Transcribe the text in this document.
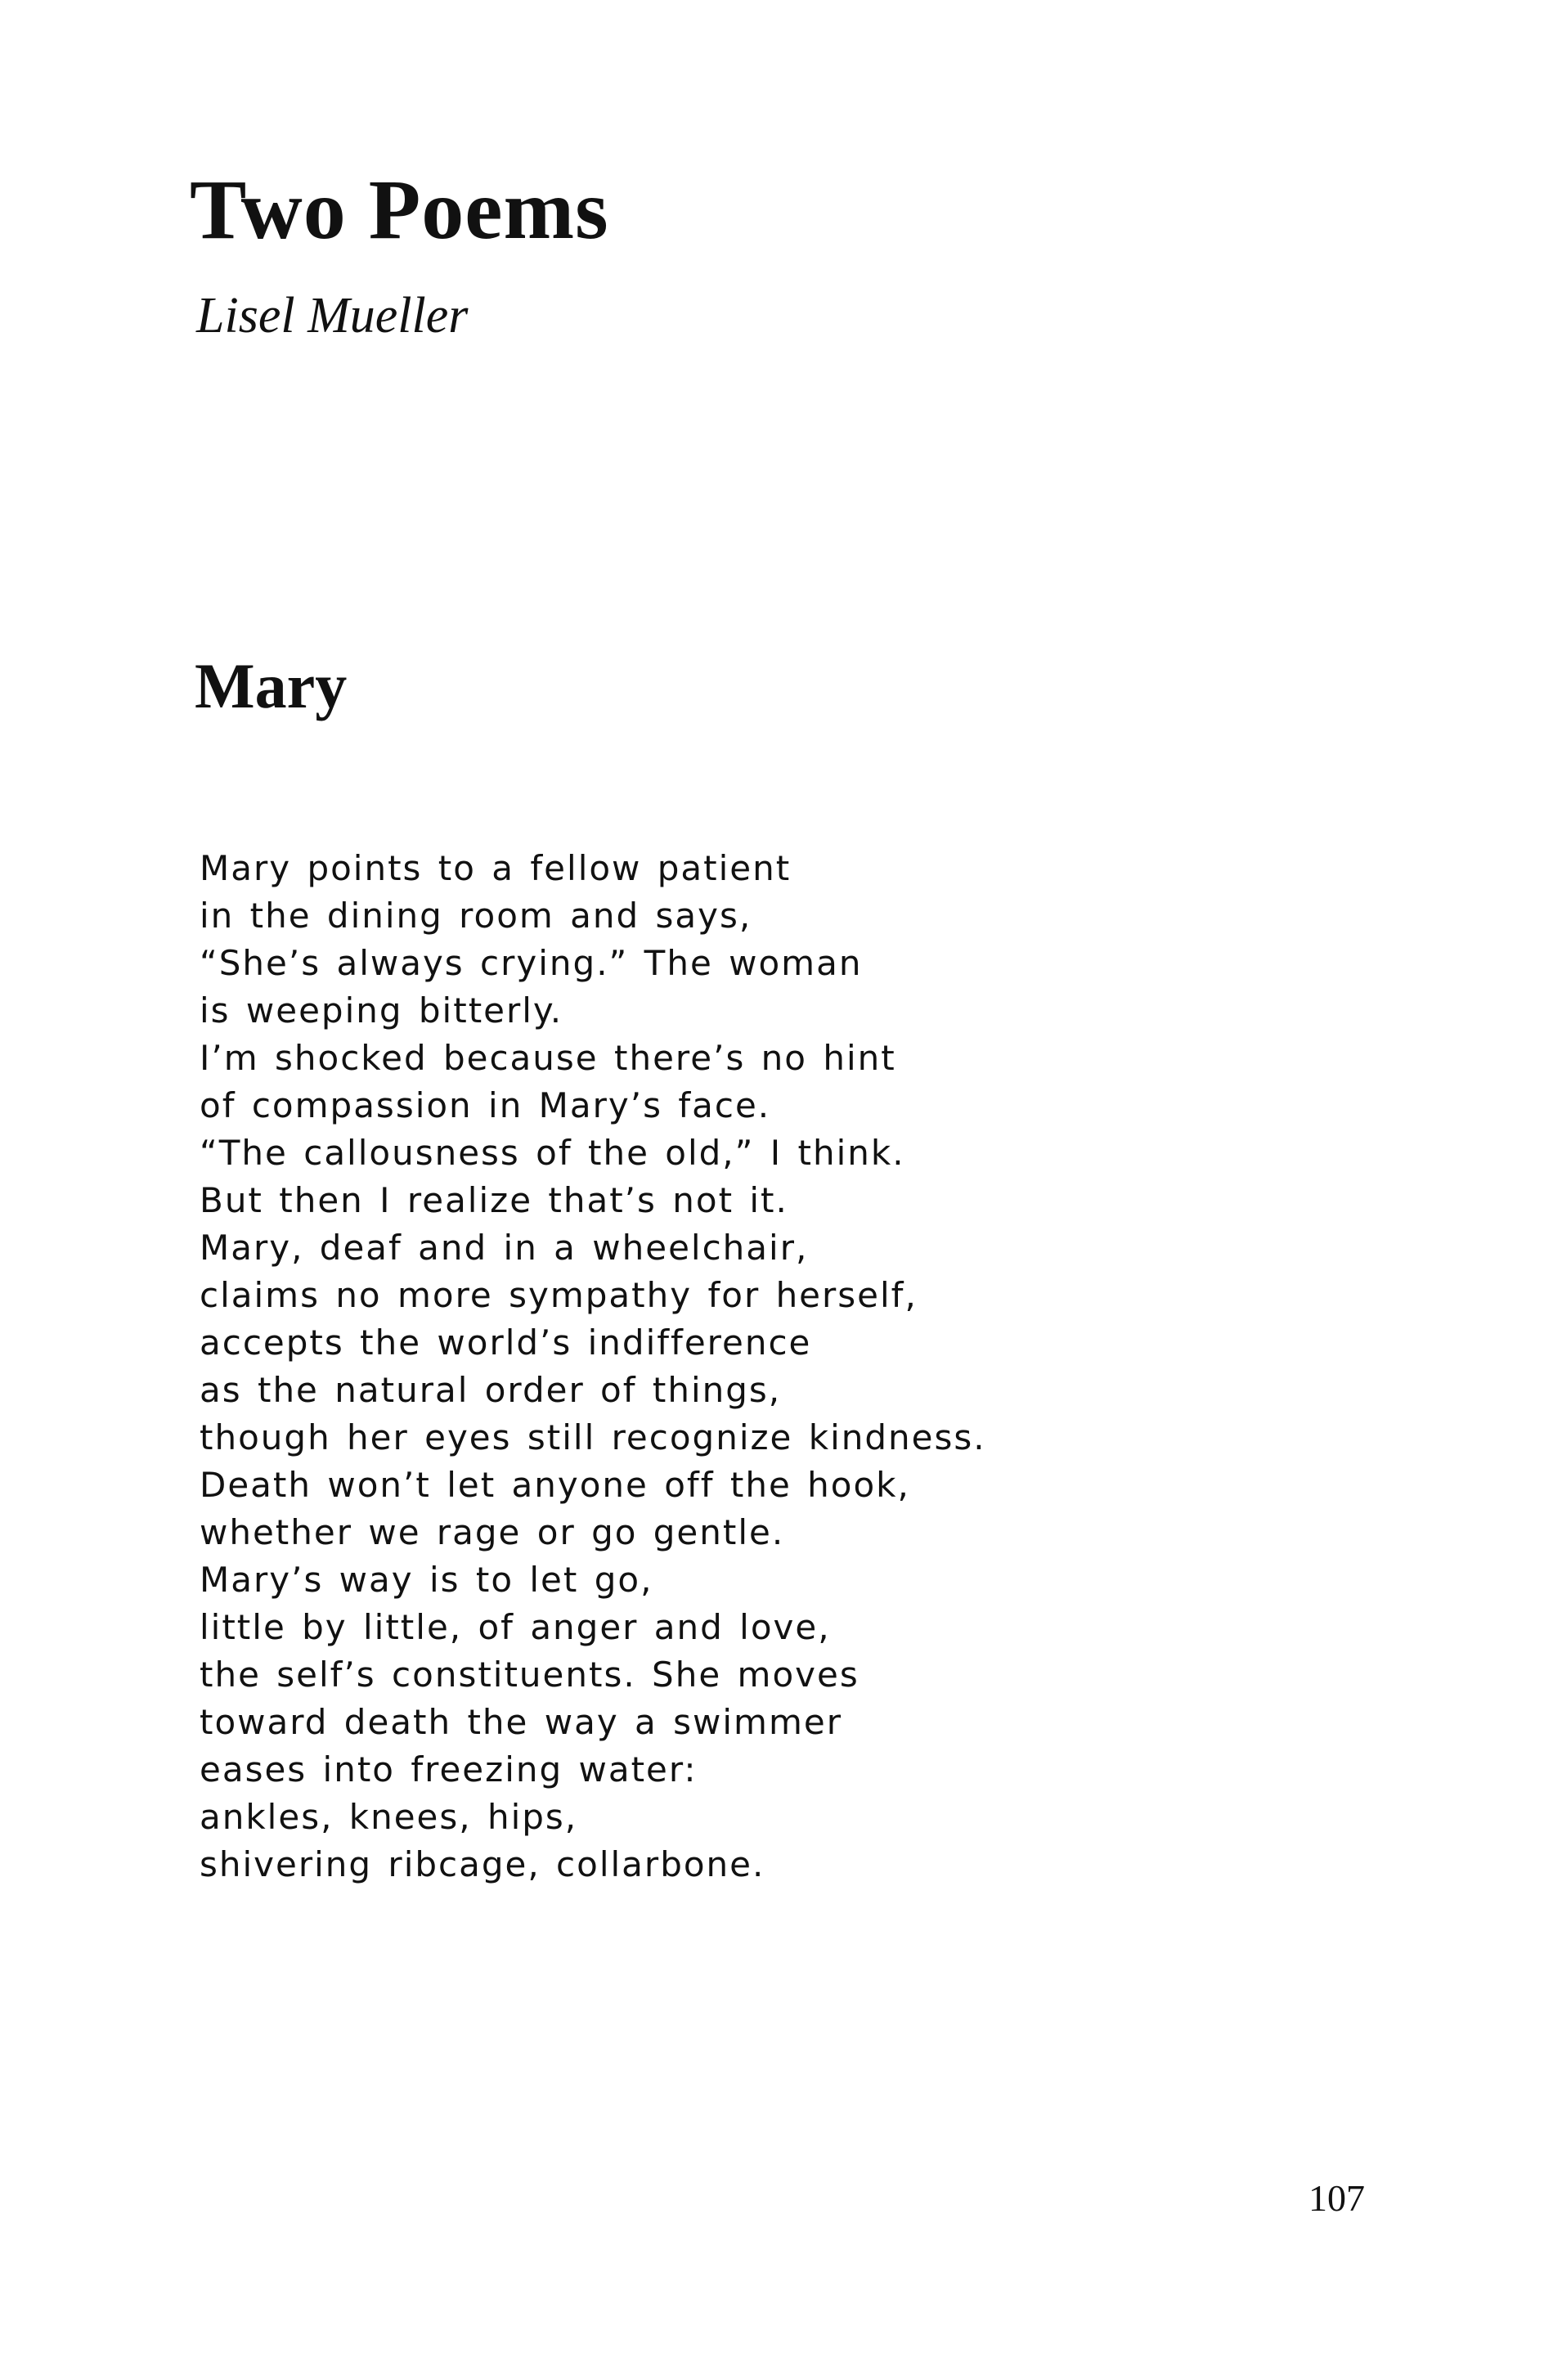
Two Poems

Lisel Mueller

Mary
Mary points to a fellow patient
in the dining room and says,
“She’s always crying.” The woman
is weeping bitterly.
I’m shocked because there’s no hint
of compassion in Mary’s face.
“The callousness of the old,” I think.
But then I realize that’s not it.
Mary, deaf and in a wheelchair,
claims no more sympathy for herself,
accepts the world’s indifference
as the natural order of things,
though her eyes still recognize kindness.
Death won’t let anyone off the hook,
whether we rage or go gentle.
Mary’s way is to let go,
little by little, of anger and love,
the self’s constituents. She moves
toward death the way a swimmer
eases into freezing water:
ankles, knees, hips,
shivering ribcage, collarbone.

107
